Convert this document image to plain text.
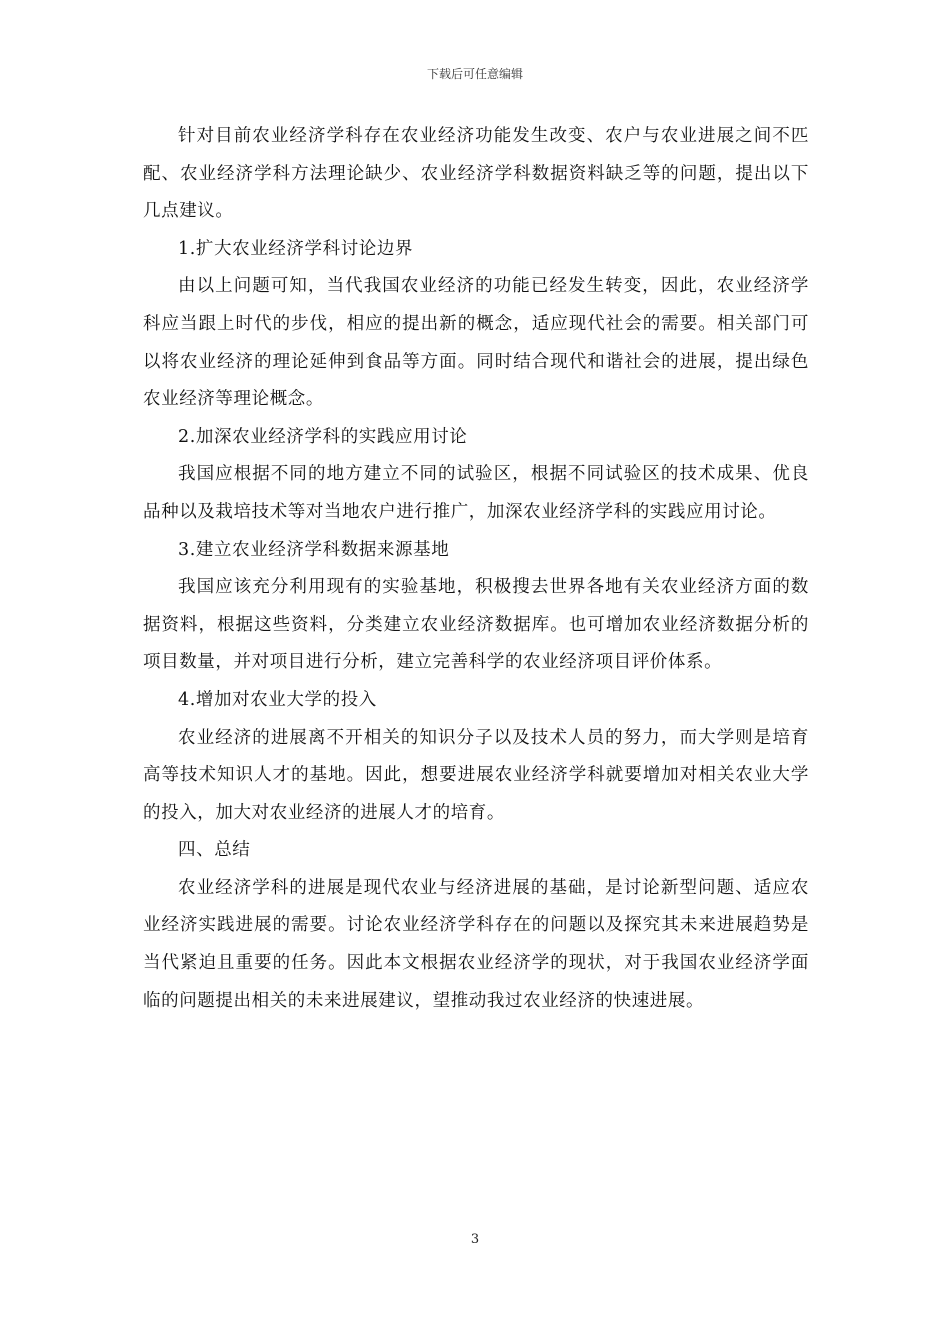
下载后可任意编辑

针对目前农业经济学科存在农业经济功能发生改变、农户与农业进展之间不匹配、农业经济学科方法理论缺少、农业经济学科数据资料缺乏等的问题，提出以下几点建议。

1.扩大农业经济学科讨论边界

由以上问题可知，当代我国农业经济的功能已经发生转变，因此，农业经济学科应当跟上时代的步伐，相应的提出新的概念，适应现代社会的需要。相关部门可以将农业经济的理论延伸到食品等方面。同时结合现代和谐社会的进展，提出绿色农业经济等理论概念。

2.加深农业经济学科的实践应用讨论

我国应根据不同的地方建立不同的试验区，根据不同试验区的技术成果、优良品种以及栽培技术等对当地农户进行推广，加深农业经济学科的实践应用讨论。

3.建立农业经济学科数据来源基地

我国应该充分利用现有的实验基地，积极搜去世界各地有关农业经济方面的数据资料，根据这些资料，分类建立农业经济数据库。也可增加农业经济数据分析的项目数量，并对项目进行分析，建立完善科学的农业经济项目评价体系。

4.增加对农业大学的投入

农业经济的进展离不开相关的知识分子以及技术人员的努力，而大学则是培育高等技术知识人才的基地。因此，想要进展农业经济学科就要增加对相关农业大学的投入，加大对农业经济的进展人才的培育。

四、总结

农业经济学科的进展是现代农业与经济进展的基础，是讨论新型问题、适应农业经济实践进展的需要。讨论农业经济学科存在的问题以及探究其未来进展趋势是当代紧迫且重要的任务。因此本文根据农业经济学的现状，对于我国农业经济学面临的问题提出相关的未来进展建议，望推动我过农业经济的快速进展。

3
